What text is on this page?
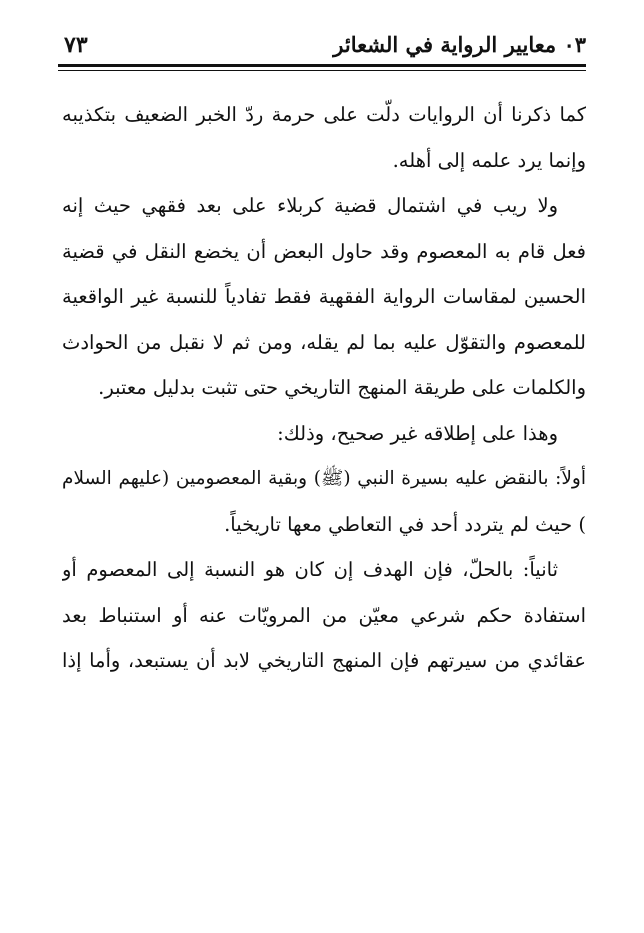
٠٣ معايير الرواية في الشعائر
٧٣
كما ذكرنا أن الروايات دلّت على حرمة ردّ الخبر الضعيف بتكذيبه
وإنما يرد علمه إلى أهله.
ولا ريب في اشتمال قضية كربلاء على بعد فقهي حيث إنه
فعل قام به المعصوم وقد حاول البعض أن يخضع النقل في قضية
الحسين لمقاسات الرواية الفقهية فقط تفادياً للنسبة غير الواقعية
للمعصوم والتقوّل عليه بما لم يقله، ومن ثم لا نقبل من الحوادث
والكلمات على طريقة المنهج التاريخي حتى تثبت بدليل معتبر.
وهذا على إطلاقه غير صحيح، وذلك:
أولاً: بالنقض عليه بسيرة النبي (ﷺ) وبقية المعصومين (عليهم السلام
) حيث لم يتردد أحد في التعاطي معها تاريخياً.
ثانياً: بالحلّ، فإن الهدف إن كان هو النسبة إلى المعصوم أو
استفادة حكم شرعي معيّن من المرويّات عنه أو استنباط بعد
عقائدي من سيرتهم فإن المنهج التاريخي لابد أن يستبعد، وأما إذا
